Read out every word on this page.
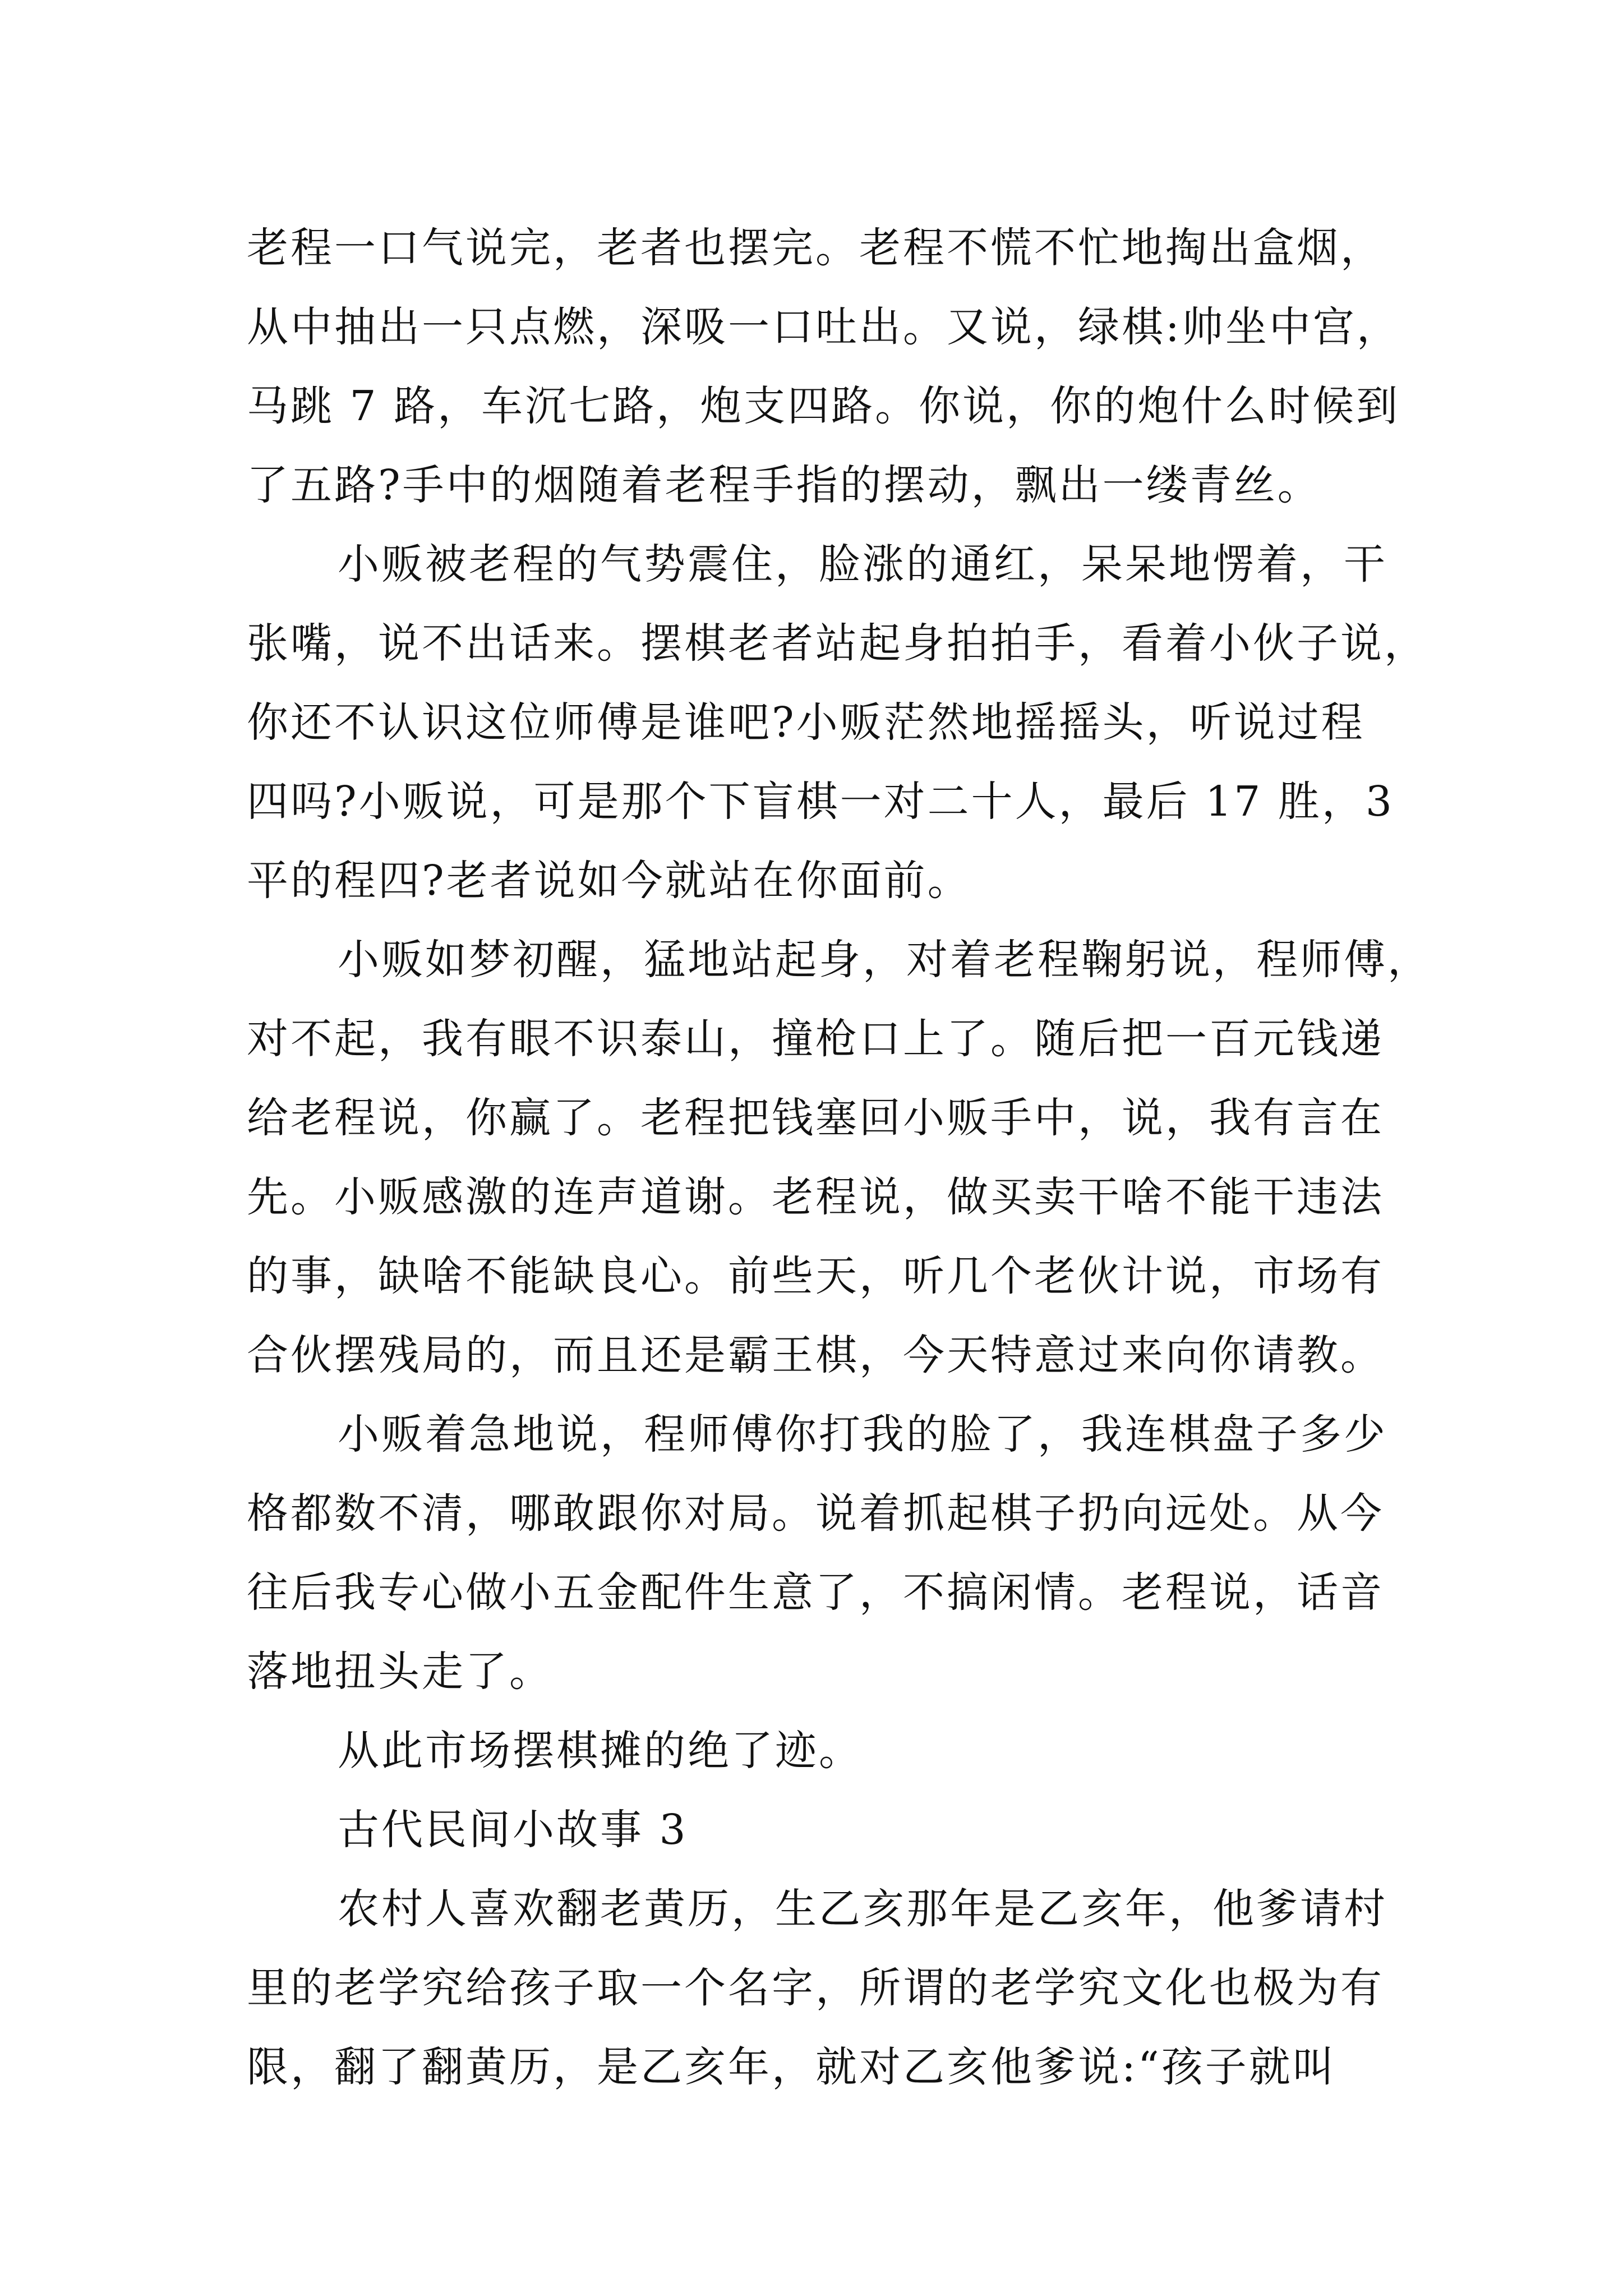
老程一口气说完，老者也摆完。老程不慌不忙地掏出盒烟，
从中抽出一只点燃，深吸一口吐出。又说，绿棋:帅坐中宫，
马跳 7 路，车沉七路，炮支四路。你说，你的炮什么时候到
了五路?手中的烟随着老程手指的摆动，飘出一缕青丝。
小贩被老程的气势震住，脸涨的通红，呆呆地愣着，干
张嘴，说不出话来。摆棋老者站起身拍拍手，看着小伙子说，
你还不认识这位师傅是谁吧?小贩茫然地摇摇头，听说过程
四吗?小贩说，可是那个下盲棋一对二十人，最后 17 胜，3
平的程四?老者说如今就站在你面前。
小贩如梦初醒，猛地站起身，对着老程鞠躬说，程师傅，
对不起，我有眼不识泰山，撞枪口上了。随后把一百元钱递
给老程说，你赢了。老程把钱塞回小贩手中，说，我有言在
先。小贩感激的连声道谢。老程说，做买卖干啥不能干违法
的事，缺啥不能缺良心。前些天，听几个老伙计说，市场有
合伙摆残局的，而且还是霸王棋，今天特意过来向你请教。
小贩着急地说，程师傅你打我的脸了，我连棋盘子多少
格都数不清，哪敢跟你对局。说着抓起棋子扔向远处。从今
往后我专心做小五金配件生意了，不搞闲情。老程说，话音
落地扭头走了。
从此市场摆棋摊的绝了迹。
古代民间小故事 3
农村人喜欢翻老黄历，生乙亥那年是乙亥年，他爹请村
里的老学究给孩子取一个名字，所谓的老学究文化也极为有
限，翻了翻黄历，是乙亥年，就对乙亥他爹说:“孩子就叫
